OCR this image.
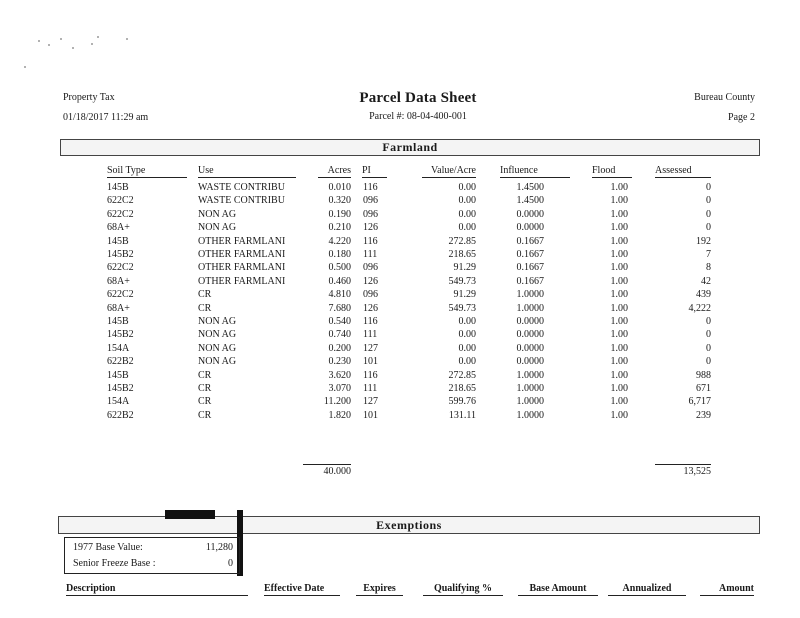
Property Tax
01/18/2017 11:29 am
Parcel Data Sheet
Parcel #: 08-04-400-001
Bureau County
Page 2
Farmland
Soil Type	Use	Acres PI	Value/Acre Influence	Flood	Assessed
145B	WASTE CONTRIBU	0.010 116	0.00	1.4500	1.00	0
622C2	WASTE CONTRIBU	0.320 096	0.00	1.4500	1.00	0
622C2	NON AG	0.190 096	0.00	0.0000	1.00	0
68A+	NON AG	0.210 126	0.00	0.0000	1.00	0
145B	OTHER FARMLANI	4.220 116	272.85	0.1667	1.00	192
145B2	OTHER FARMLANI	0.180 111	218.65	0.1667	1.00	7
622C2	OTHER FARMLANI	0.500 096	91.29	0.1667	1.00	8
68A+	OTHER FARMLANI	0.460 126	549.73	0.1667	1.00	42
622C2	CR	4.810 096	91.29	1.0000	1.00	439
68A+	CR	7.680 126	549.73	1.0000	1.00	4,222
145B	NON AG	0.540 116	0.00	0.0000	1.00	0
145B2	NON AG	0.740 111	0.00	0.0000	1.00	0
154A	NON AG	0.200 127	0.00	0.0000	1.00	0
622B2	NON AG	0.230 101	0.00	0.0000	1.00	0
145B	CR	3.620 116	272.85	1.0000	1.00	988
145B2	CR	3.070 111	218.65	1.0000	1.00	671
154A	CR	11.200 127	599.76	1.0000	1.00	6,717
622B2	CR	1.820 101	131.11	1.0000	1.00	239
40.000	13,525
Exemptions
1977 Base Value:	11,280
Senior Freeze Base :	0
Description	Effective Date	Expires	Qualifying %	Base Amount	Annualized	Amount
